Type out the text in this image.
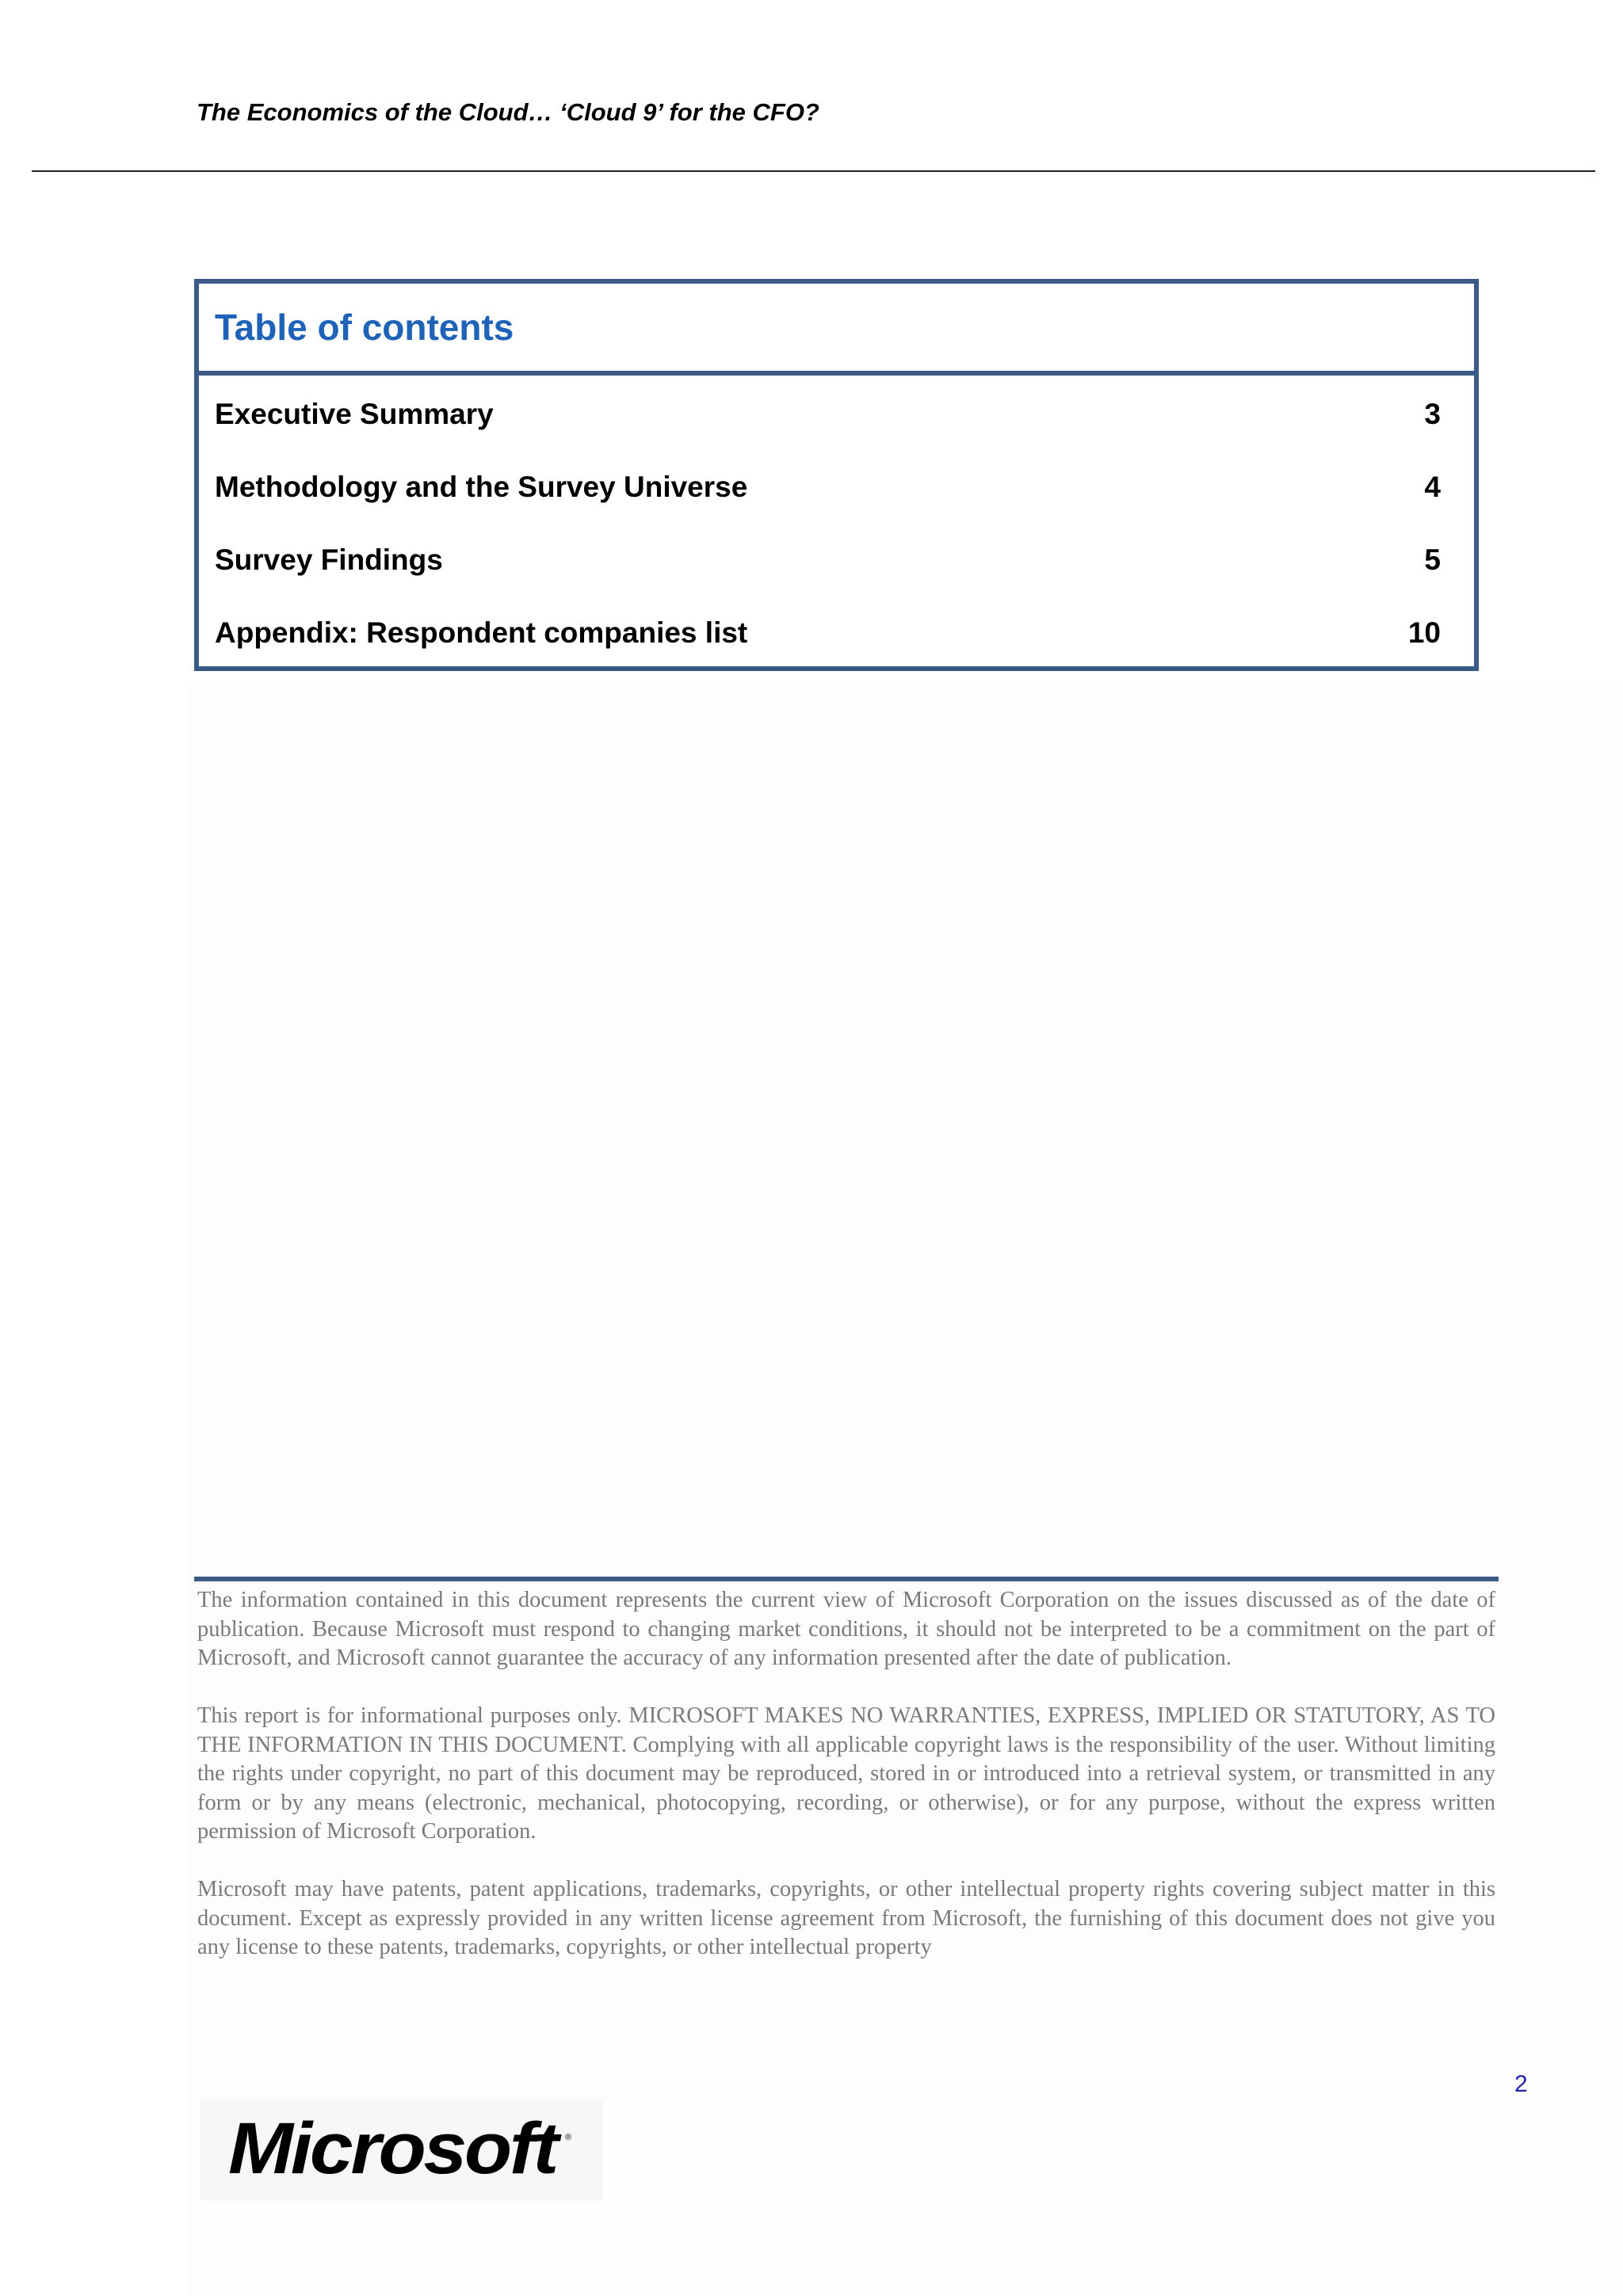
The Economics of the Cloud… ‘Cloud 9’ for the CFO?
Table of contents
Executive Summary	3
Methodology and the Survey Universe	4
Survey Findings	5
Appendix: Respondent companies list	10

The information contained in this document represents the current view of Microsoft Corporation on the issues discussed as of the date of publication. Because Microsoft must respond to changing market conditions, it should not be interpreted to be a commitment on the part of Microsoft, and Microsoft cannot guarantee the accuracy of any information presented after the date of publication.

This report is for informational purposes only. MICROSOFT MAKES NO WARRANTIES, EXPRESS, IMPLIED OR STATUTORY, AS TO THE INFORMATION IN THIS DOCUMENT. Complying with all applicable copyright laws is the responsibility of the user. Without limiting the rights under copyright, no part of this document may be reproduced, stored in or introduced into a retrieval system, or transmitted in any form or by any means (electronic, mechanical, photocopying, recording, or otherwise), or for any purpose, without the express written permission of Microsoft Corporation.

Microsoft may have patents, patent applications, trademarks, copyrights, or other intellectual property rights covering subject matter in this document. Except as expressly provided in any written license agreement from Microsoft, the furnishing of this document does not give you any license to these patents, trademarks, copyrights, or other intellectual property

2
Microsoft ®
